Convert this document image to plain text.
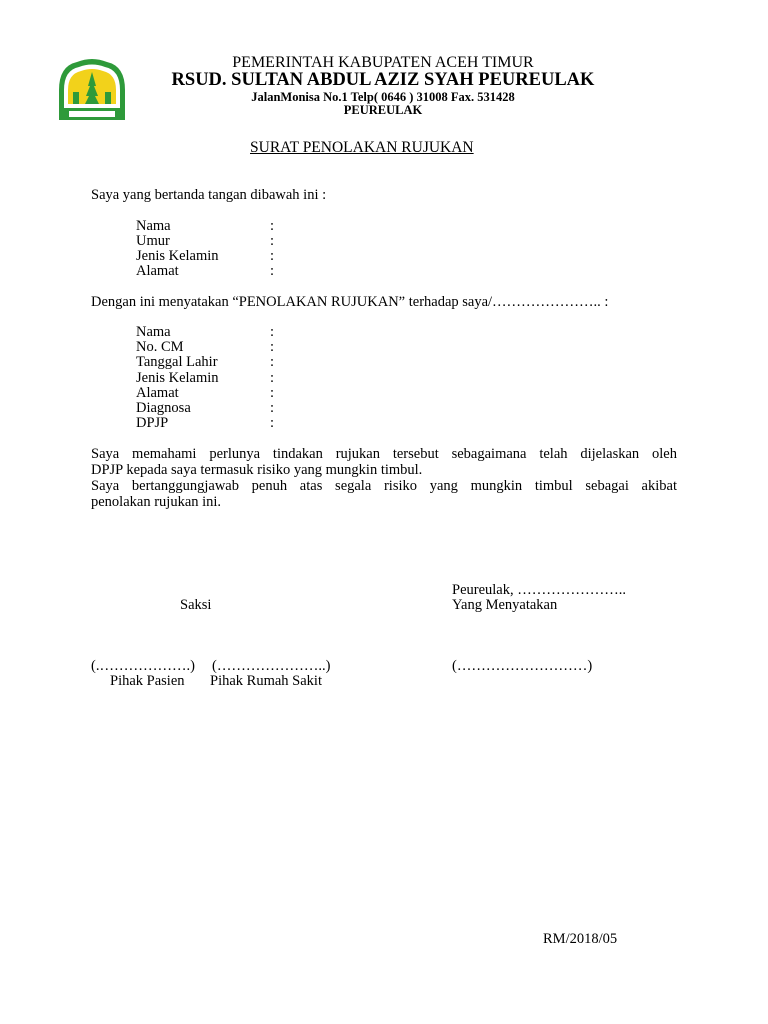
PEMERINTAH KABUPATEN ACEH TIMUR
RSUD. SULTAN ABDUL AZIZ SYAH PEUREULAK
JalanMonisa No.1 Telp( 0646 ) 31008 Fax. 531428
PEUREULAK
SURAT PENOLAKAN RUJUKAN
Saya yang bertanda tangan dibawah ini :
Nama	:
Umur	:
Jenis Kelamin	:
Alamat	:
Dengan ini menyatakan “PENOLAKAN RUJUKAN” terhadap saya/………………….. :
Nama	:
No. CM	:
Tanggal Lahir	:
Jenis Kelamin	:
Alamat	:
Diagnosa	:
DPJP	:
Saya memahami perlunya tindakan rujukan tersebut sebagaimana telah dijelaskan oleh
DPJP kepada saya termasuk risiko yang mungkin timbul.
Saya bertanggungjawab penuh atas segala risiko yang mungkin timbul sebagai akibat
penolakan rujukan ini.
Peureulak, …………………..
Saksi	Yang Menyatakan
(.……………….) (…………………..)	(………………………)
Pihak Pasien Pihak Rumah Sakit
RM/2018/05
